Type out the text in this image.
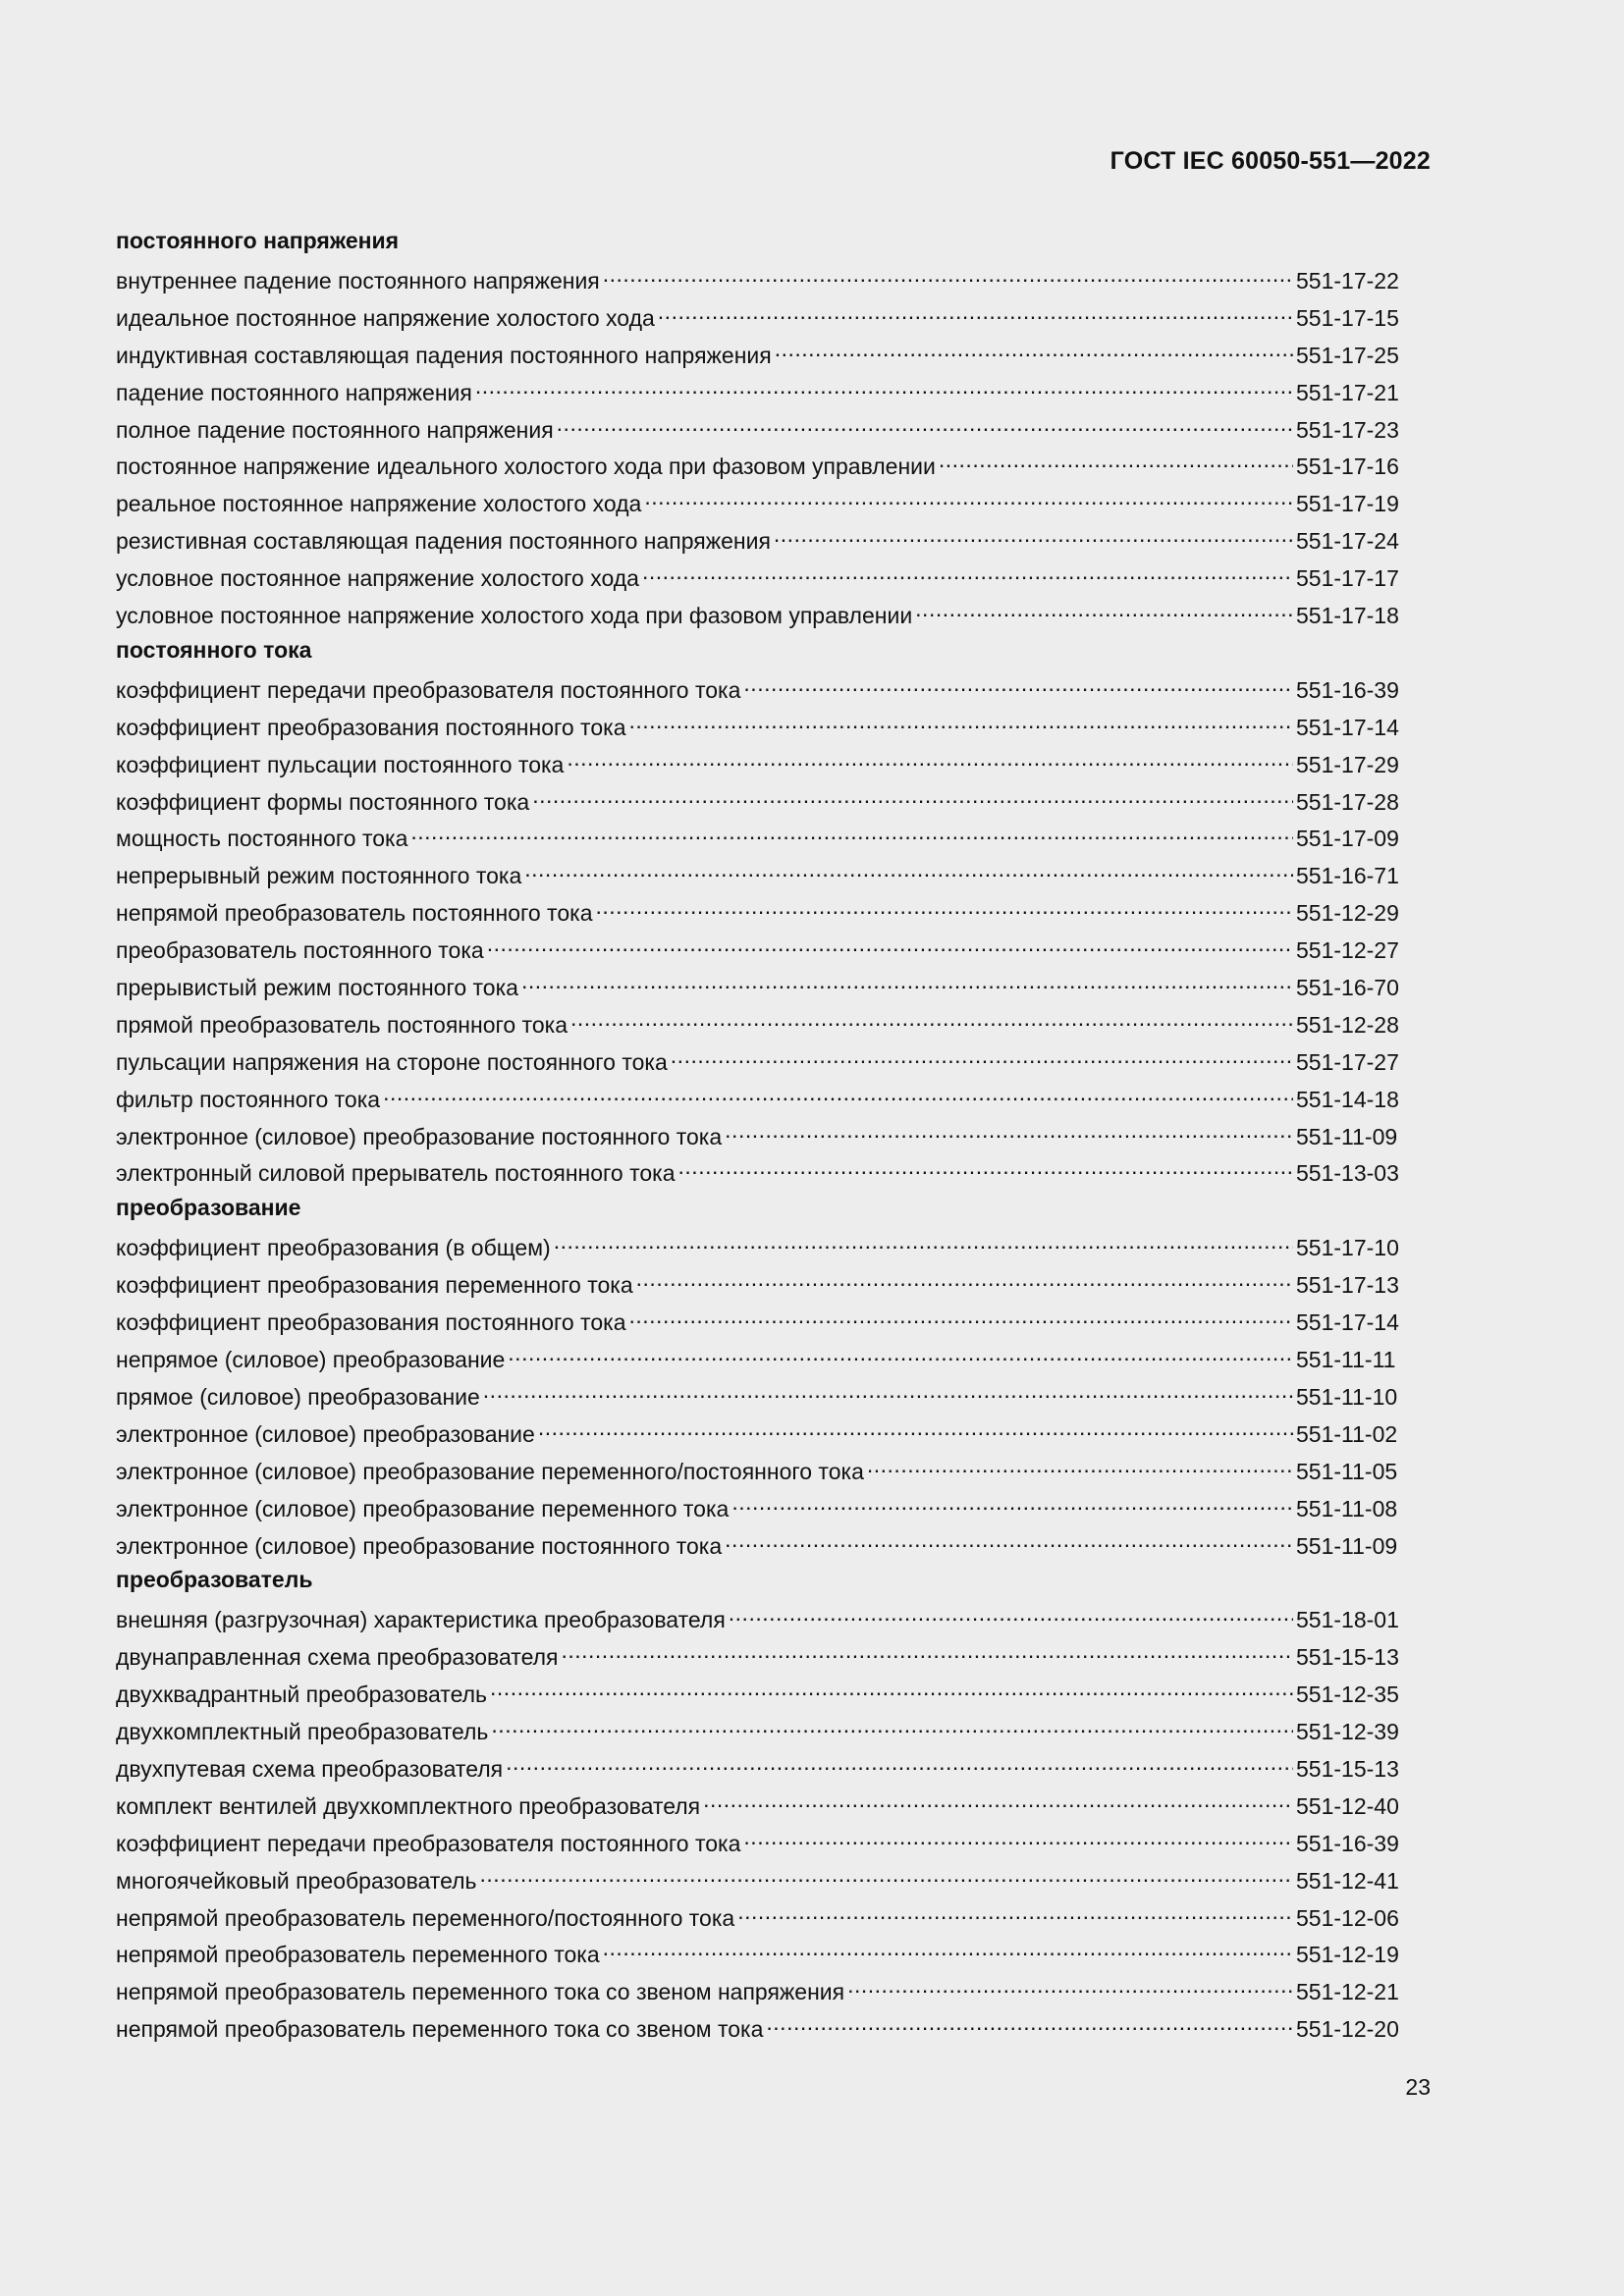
ГОСТ IEC 60050-551—2022
постоянного напряжения
внутреннее падение постоянного напряжения .....	551-17-22
идеальное постоянное напряжение холостого хода .....	551-17-15
индуктивная составляющая падения постоянного напряжения .....	551-17-25
падение постоянного напряжения .....	551-17-21
полное падение постоянного напряжения .....	551-17-23
постоянное напряжение идеального холостого хода при фазовом управлении .....	551-17-16
реальное постоянное напряжение холостого хода .....	551-17-19
резистивная составляющая падения постоянного напряжения .....	551-17-24
условное постоянное напряжение холостого хода .....	551-17-17
условное постоянное напряжение холостого хода при фазовом управлении .....	551-17-18
постоянного тока
коэффициент передачи преобразователя постоянного тока .....	551-16-39
коэффициент преобразования постоянного тока .....	551-17-14
коэффициент пульсации постоянного тока .....	551-17-29
коэффициент формы постоянного тока .....	551-17-28
мощность постоянного тока .....	551-17-09
непрерывный режим постоянного тока .....	551-16-71
непрямой преобразователь постоянного тока .....	551-12-29
преобразователь постоянного тока .....	551-12-27
прерывистый режим постоянного тока .....	551-16-70
прямой преобразователь постоянного тока .....	551-12-28
пульсации напряжения на стороне постоянного тока .....	551-17-27
фильтр постоянного тока .....	551-14-18
электронное (силовое) преобразование постоянного тока .....	551-11-09
электронный силовой прерыватель постоянного тока .....	551-13-03
преобразование
коэффициент преобразования (в общем) .....	551-17-10
коэффициент преобразования переменного тока .....	551-17-13
коэффициент преобразования постоянного тока .....	551-17-14
непрямое (силовое) преобразование .....	551-11-11
прямое (силовое) преобразование .....	551-11-10
электронное (силовое) преобразование .....	551-11-02
электронное (силовое) преобразование переменного/постоянного тока .....	551-11-05
электронное (силовое) преобразование переменного тока .....	551-11-08
электронное (силовое) преобразование постоянного тока .....	551-11-09
преобразователь
внешняя (разгрузочная) характеристика преобразователя .....	551-18-01
двунаправленная схема преобразователя .....	551-15-13
двухквадрантный преобразователь .....	551-12-35
двухкомплектный преобразователь .....	551-12-39
двухпутевая схема преобразователя .....	551-15-13
комплект вентилей двухкомплектного преобразователя .....	551-12-40
коэффициент передачи преобразователя постоянного тока .....	551-16-39
многоячейковый преобразователь .....	551-12-41
непрямой преобразователь переменного/постоянного тока .....	551-12-06
непрямой преобразователь переменного тока .....	551-12-19
непрямой преобразователь переменного тока со звеном напряжения .....	551-12-21
непрямой преобразователь переменного тока со звеном тока .....	551-12-20
23
